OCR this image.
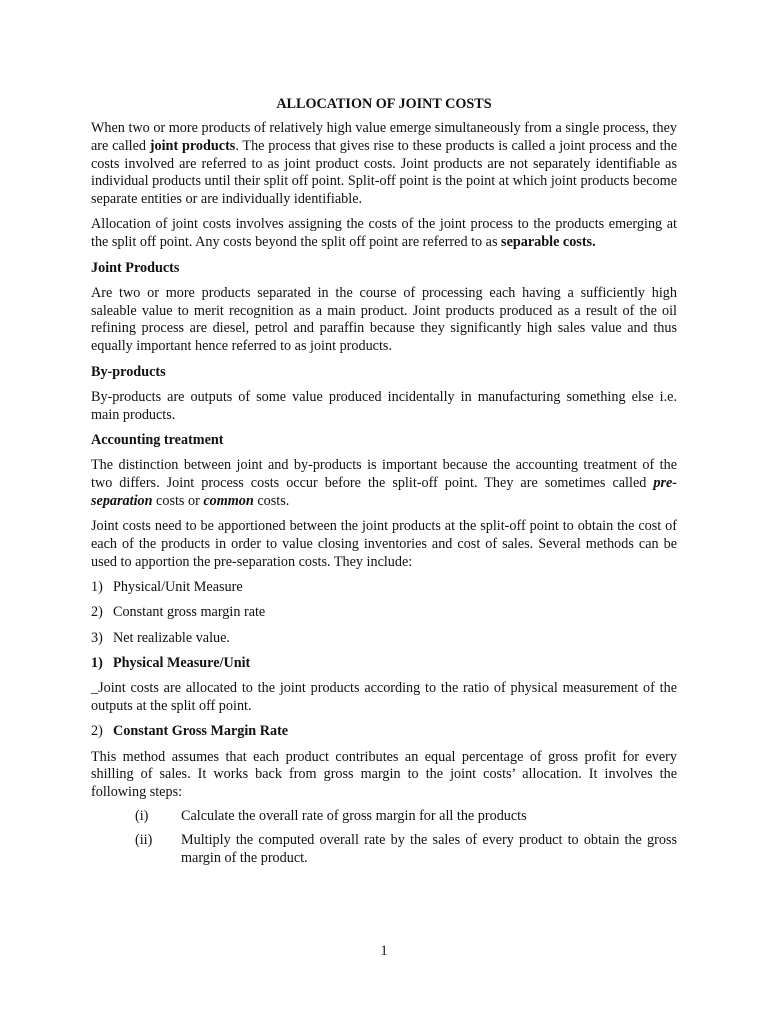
ALLOCATION OF JOINT COSTS

When two or more products of relatively high value emerge simultaneously from a single process, they are called joint products. The process that gives rise to these products is called a joint process and the costs involved are referred to as joint product costs. Joint products are not separately identifiable as individual products until their split off point. Split-off point is the point at which joint products become separate entities or are individually identifiable.

Allocation of joint costs involves assigning the costs of the joint process to the products emerging at the split off point. Any costs beyond the split off point are referred to as separable costs.

Joint Products

Are two or more products separated in the course of processing each having a sufficiently high saleable value to merit recognition as a main product. Joint products produced as a result of the oil refining process are diesel, petrol and paraffin because they significantly high sales value and thus equally important hence referred to as joint products.

By-products

By-products are outputs of some value produced incidentally in manufacturing something else i.e. main products.

Accounting treatment

The distinction between joint and by-products is important because the accounting treatment of the two differs. Joint process costs occur before the split-off point. They are sometimes called pre-separation costs or common costs.

Joint costs need to be apportioned between the joint products at the split-off point to obtain the cost of each of the products in order to value closing inventories and cost of sales. Several methods can be used to apportion the pre-separation costs. They include:

1) Physical/Unit Measure
2) Constant gross margin rate
3) Net realizable value.
1) Physical Measure/Unit

_Joint costs are allocated to the joint products according to the ratio of physical measurement of the outputs at the split off point.

2) Constant Gross Margin Rate

This method assumes that each product contributes an equal percentage of gross profit for every shilling of sales. It works back from gross margin to the joint costs’ allocation. It involves the following steps:

(i)	Calculate the overall rate of gross margin for all the products
(ii)	Multiply the computed overall rate by the sales of every product to obtain the gross margin of the product.
1
